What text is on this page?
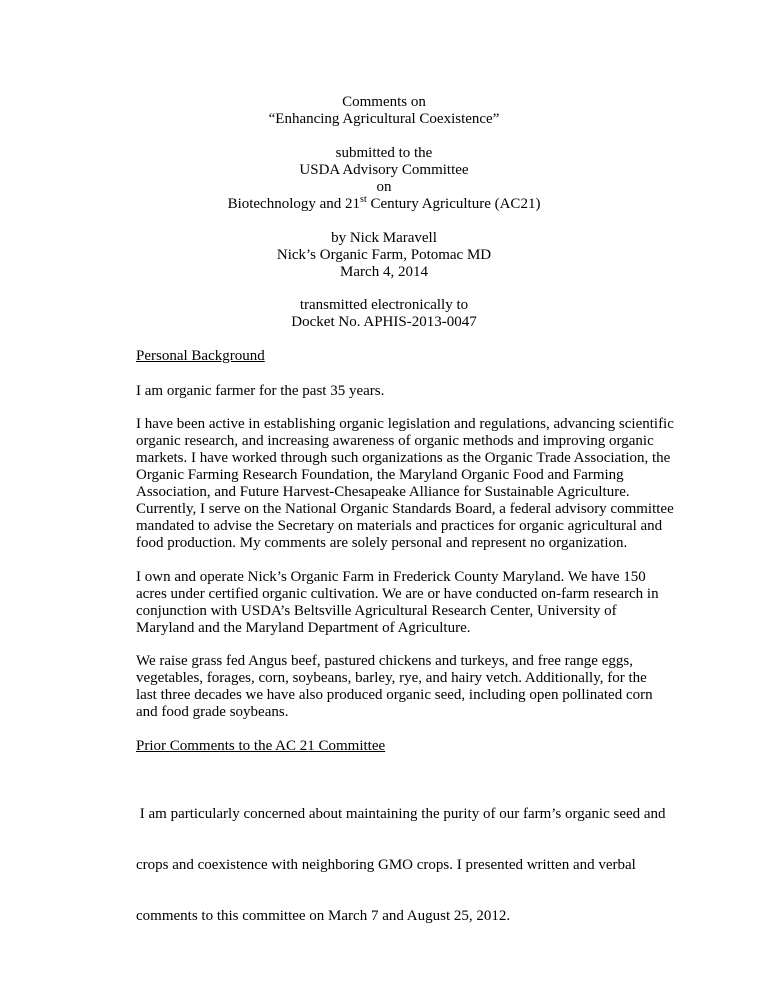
Comments on
“Enhancing Agricultural Coexistence”
submitted to the
USDA Advisory Committee
on
Biotechnology and 21st Century Agriculture (AC21)
by Nick Maravell
Nick’s Organic Farm, Potomac MD
March 4, 2014
transmitted electronically to
Docket No. APHIS-2013-0047
Personal Background
I am organic farmer for the past 35 years.
I have been active in establishing organic legislation and regulations, advancing scientific
organic research, and increasing awareness of organic methods and improving organic
markets. I have worked through such organizations as the Organic Trade Association, the
Organic Farming Research Foundation, the Maryland Organic Food and Farming
Association, and Future Harvest-Chesapeake Alliance for Sustainable Agriculture.
Currently, I serve on the National Organic Standards Board, a federal advisory committee
mandated to advise the Secretary on materials and practices for organic agricultural and
food production. My comments are solely personal and represent no organization.
I own and operate Nick’s Organic Farm in Frederick County Maryland. We have 150
acres under certified organic cultivation. We are or have conducted on-farm research in
conjunction with USDA’s Beltsville Agricultural Research Center, University of
Maryland and the Maryland Department of Agriculture.
We raise grass fed Angus beef, pastured chickens and turkeys, and free range eggs,
vegetables, forages, corn, soybeans, barley, rye, and hairy vetch. Additionally, for the
last three decades we have also produced organic seed, including open pollinated corn
and food grade soybeans.
Prior Comments to the AC 21 Committee

I am particularly concerned about maintaining the purity of our farm’s organic seed and

crops and coexistence with neighboring GMO crops. I presented written and verbal

comments to this committee on March 7 and August 25, 2012.
